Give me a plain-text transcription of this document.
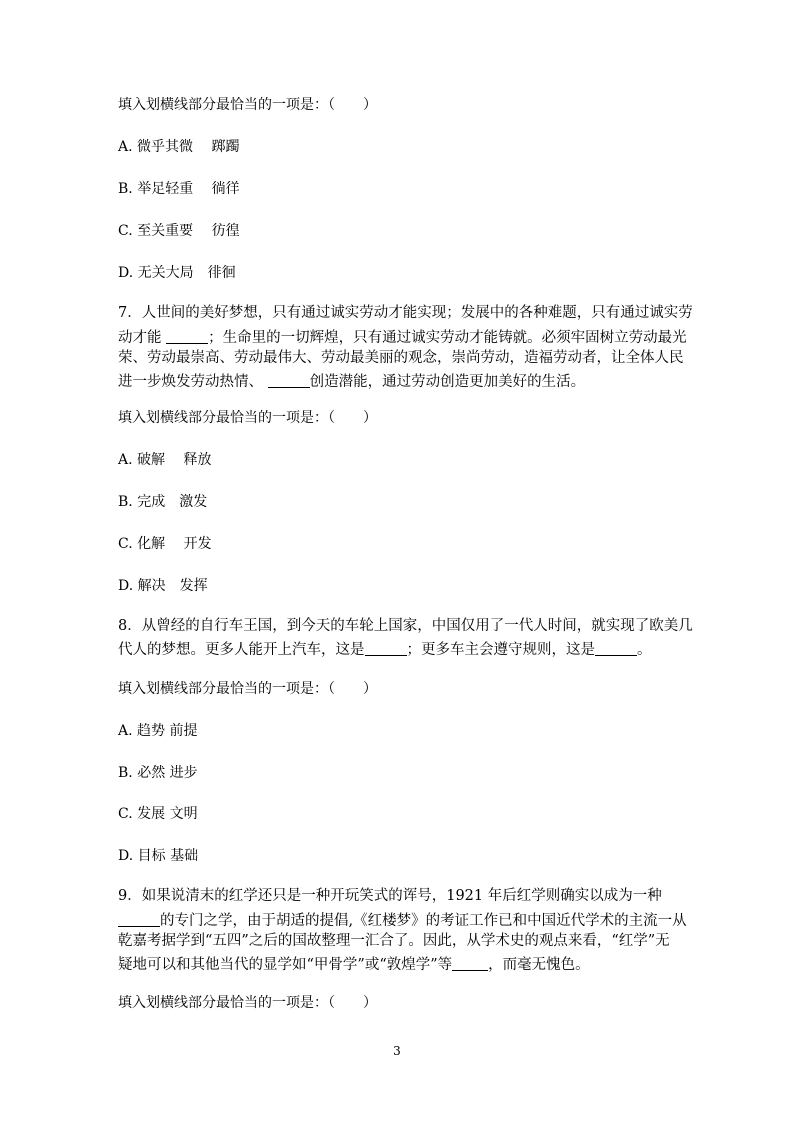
填入划横线部分最恰当的一项是：（　　）
A. 微乎其微　 踯躅
B. 举足轻重　 徜徉
C. 至关重要　 彷徨
D. 无关大局　徘徊
7．人世间的美好梦想，只有通过诚实劳动才能实现；发展中的各种难题，只有通过诚实劳
动才能	；生命里的一切辉煌，只有通过诚实劳动才能铸就。必须牢固树立劳动最光
荣、劳动最崇高、劳动最伟大、劳动最美丽的观念，崇尚劳动，造福劳动者，让全体人民
进一步焕发劳动热情、	创造潜能，通过劳动创造更加美好的生活。
填入划横线部分最恰当的一项是：（　　）
A. 破解　 释放
B. 完成　激发
C. 化解　 开发
D. 解决　发挥
8．从曾经的自行车王国，到今天的车轮上国家，中国仅用了一代人时间，就实现了欧美几
代人的梦想。更多人能开上汽车，这是	；更多车主会遵守规则，这是	。
填入划横线部分最恰当的一项是：（　　）
A. 趋势 前提
B. 必然 进步
C. 发展 文明
D. 目标 基础
9．如果说清末的红学还只是一种开玩笑式的诨号，1921 年后红学则确实以成为一种
的专门之学，由于胡适的提倡,《红楼梦》的考证工作已和中国近代学术的主流一从
乾嘉考据学到“五四”之后的国故整理一汇合了。因此，从学术史的观点来看，“红学”无
疑地可以和其他当代的显学如“甲骨学”或“敦煌学”等 ，而毫无愧色。
填入划横线部分最恰当的一项是：（　　）
3
